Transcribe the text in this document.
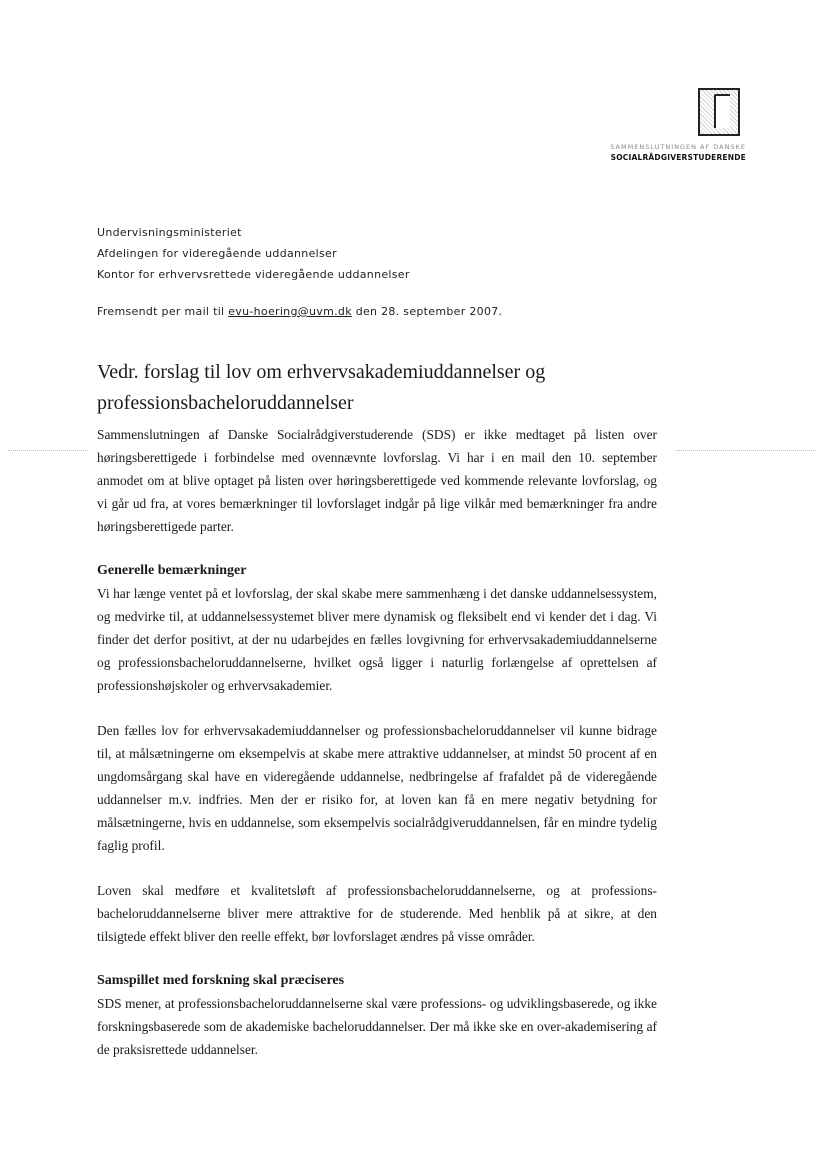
SAMMENSLUTNINGEN AF DANSKE
SOCIALRÅDGIVERSTUDERENDE
Undervisningsministeriet
Afdelingen for videregående uddannelser
Kontor for erhvervsrettede videregående uddannelser
Fremsendt per mail til evu-hoering@uvm.dk den 28. september 2007.
Vedr. forslag til lov om erhvervsakademiuddannelser og professionsbacheloruddannelser

Sammenslutningen af Danske Socialrådgiverstuderende (SDS) er ikke medtaget på listen over høringsberettigede i forbindelse med ovennævnte lovforslag. Vi har i en mail den 10. september anmodet om at blive optaget på listen over høringsberettigede ved kommende relevante lovforslag, og vi går ud fra, at vores bemærkninger til lovforslaget indgår på lige vilkår med bemærkninger fra andre høringsberettigede parter.

Generelle bemærkninger

Vi har længe ventet på et lovforslag, der skal skabe mere sammenhæng i det danske uddannelsessystem, og medvirke til, at uddannelsessystemet bliver mere dynamisk og fleksibelt end vi kender det i dag. Vi finder det derfor positivt, at der nu udarbejdes en fælles lovgivning for erhvervsakademiuddannelserne og professionsbacheloruddannelserne, hvilket også ligger i naturlig forlængelse af oprettelsen af professionshøjskoler og erhvervsakademier.

Den fælles lov for erhvervsakademiuddannelser og professionsbacheloruddannelser vil kunne bidrage til, at målsætningerne om eksempelvis at skabe mere attraktive uddannelser, at mindst 50 procent af en ungdomsårgang skal have en videregående uddannelse, nedbringelse af frafaldet på de videregående uddannelser m.v. indfries. Men der er risiko for, at loven kan få en mere negativ betydning for målsætningerne, hvis en uddannelse, som eksempelvis socialrådgiveruddannelsen, får en mindre tydelig faglig profil.

Loven skal medføre et kvalitetsløft af professionsbacheloruddannelserne, og at professions-bacheloruddannelserne bliver mere attraktive for de studerende. Med henblik på at sikre, at den tilsigtede effekt bliver den reelle effekt, bør lovforslaget ændres på visse områder.

Samspillet med forskning skal præciseres

SDS mener, at professionsbacheloruddannelserne skal være professions- og udviklingsbaserede, og ikke forskningsbaserede som de akademiske bacheloruddannelser. Der må ikke ske en over-akademisering af de praksisrettede uddannelser.
